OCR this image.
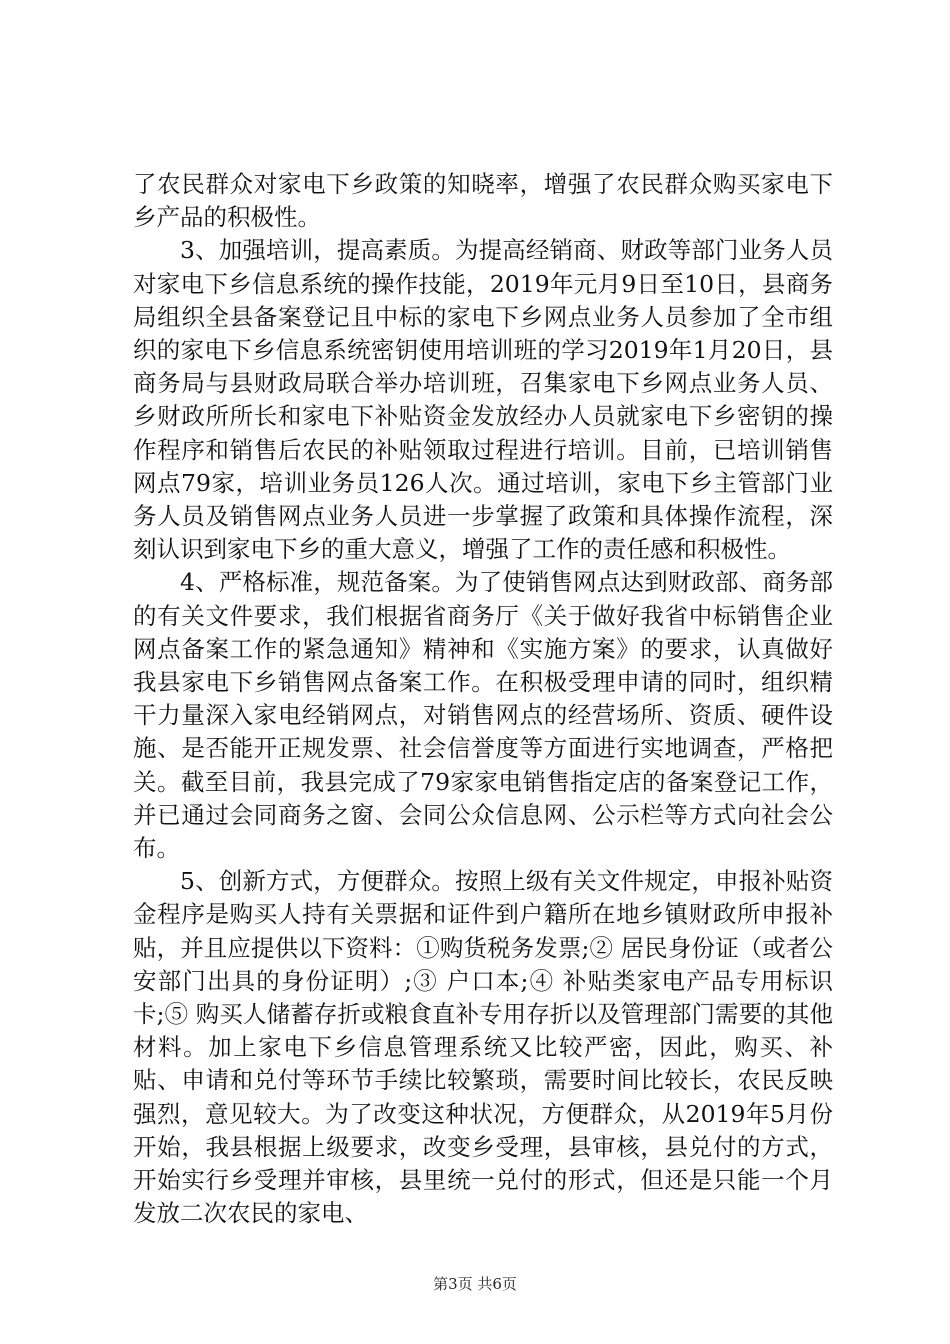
了农民群众对家电下乡政策的知晓率，增强了农民群众购买家电下乡产品的积极性。

3、加强培训，提高素质。为提高经销商、财政等部门业务人员对家电下乡信息系统的操作技能，2019年元月9日至10日，县商务局组织全县备案登记且中标的家电下乡网点业务人员参加了全市组织的家电下乡信息系统密钥使用培训班的学习2019年1月20日，县商务局与县财政局联合举办培训班，召集家电下乡网点业务人员、乡财政所所长和家电下补贴资金发放经办人员就家电下乡密钥的操作程序和销售后农民的补贴领取过程进行培训。目前，已培训销售网点79家，培训业务员126人次。通过培训，家电下乡主管部门业务人员及销售网点业务人员进一步掌握了政策和具体操作流程，深刻认识到家电下乡的重大意义，增强了工作的责任感和积极性。

4、严格标准，规范备案。为了使销售网点达到财政部、商务部的有关文件要求，我们根据省商务厅《关于做好我省中标销售企业网点备案工作的紧急通知》精神和《实施方案》的要求，认真做好我县家电下乡销售网点备案工作。在积极受理申请的同时，组织精干力量深入家电经销网点，对销售网点的经营场所、资质、硬件设施、是否能开正规发票、社会信誉度等方面进行实地调查，严格把关。截至目前，我县完成了79家家电销售指定店的备案登记工作，并已通过会同商务之窗、会同公众信息网、公示栏等方式向社会公布。

5、创新方式，方便群众。按照上级有关文件规定，申报补贴资金程序是购买人持有关票据和证件到户籍所在地乡镇财政所申报补贴，并且应提供以下资料：①购货税务发票;② 居民身份证（或者公安部门出具的身份证明）;③ 户口本;④ 补贴类家电产品专用标识卡;⑤ 购买人储蓄存折或粮食直补专用存折以及管理部门需要的其他材料。加上家电下乡信息管理系统又比较严密，因此，购买、补贴、申请和兑付等环节手续比较繁琐，需要时间比较长，农民反映强烈，意见较大。为了改变这种状况，方便群众，从2019年5月份开始，我县根据上级要求，改变乡受理，县审核，县兑付的方式，开始实行乡受理并审核，县里统一兑付的形式，但还是只能一个月发放二次农民的家电、

第3页 共6页
